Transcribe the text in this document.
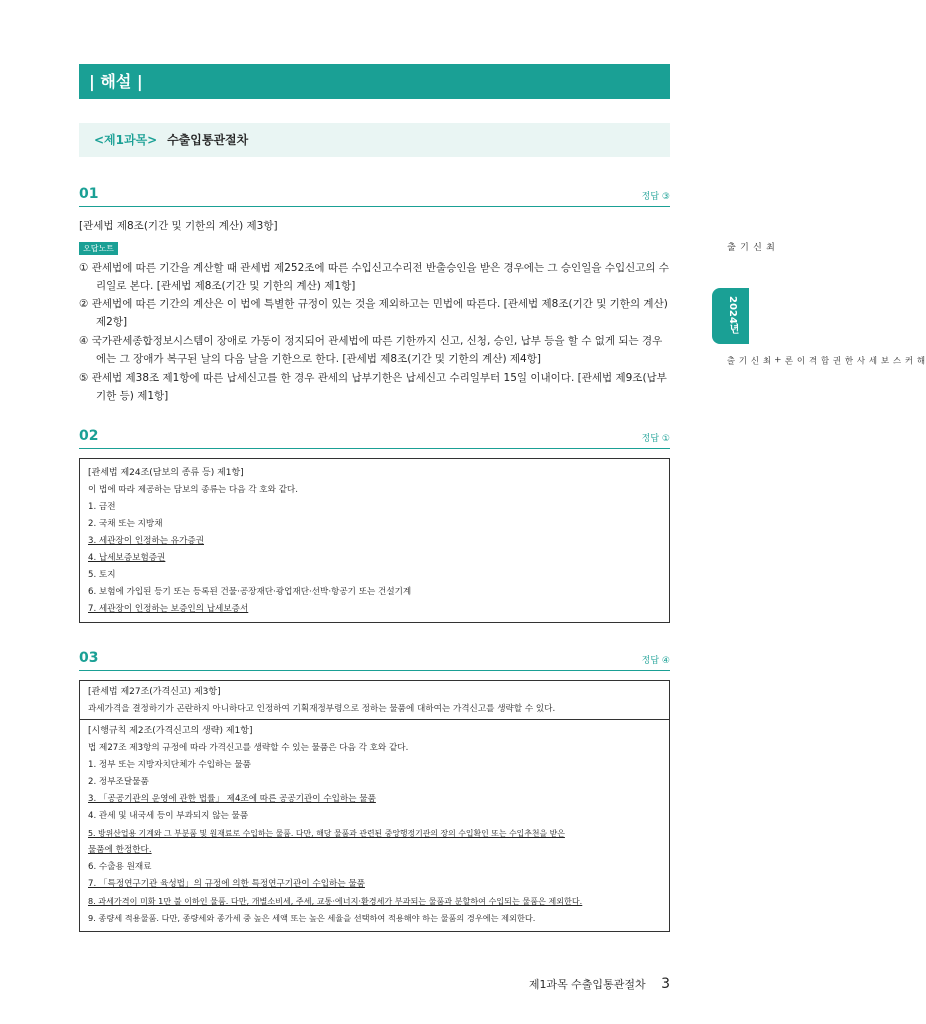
| 해설 |
<제1과목> 수출입통관절차
01	정답 ③
[관세법 제8조(기간 및 기한의 계산) 제3항]
오답노트
① 관세법에 따른 기간을 계산할 때 관세법 제252조에 따른 수입신고수리전 반출승인을 받은 경우에는 그 승인일을 수입신고의 수리일로 본다. [관세법 제8조(기간 및 기한의 계산) 제1항]
② 관세법에 따른 기간의 계산은 이 법에 특별한 규정이 있는 것을 제외하고는 민법에 따른다. [관세법 제8조(기간 및 기한의 계산) 제2항]
④ 국가관세종합정보시스템이 장애로 가동이 정지되어 관세법에 따른 기한까지 신고, 신청, 승인, 납부 등을 할 수 없게 되는 경우에는 그 장애가 복구된 날의 다음 날을 기한으로 한다. [관세법 제8조(기간 및 기한의 계산) 제4항]
⑤ 관세법 제38조 제1항에 따른 납세신고를 한 경우 관세의 납부기한은 납세신고 수리일부터 15일 이내이다. [관세법 제9조(납부기한 등) 제1항]
02	정답 ①
[관세법 제24조(담보의 종류 등) 제1항]
이 법에 따라 제공하는 담보의 종류는 다음 각 호와 같다.
1. 금전
2. 국채 또는 지방채
3. 세관장이 인정하는 유가증권
4. 납세보증보험증권
5. 토지
6. 보험에 가입된 등기 또는 등록된 건물·공장재단·광업재단·선박·항공기 또는 건설기계
7. 세관장이 인정하는 보증인의 납세보증서
03	정답 ④
[관세법 제27조(가격신고) 제3항]
과세가격을 결정하기가 곤란하지 아니하다고 인정하여 기획재정부령으로 정하는 물품에 대하여는 가격신고를 생략할 수 있다.
[시행규칙 제2조(가격신고의 생략) 제1항]
법 제27조 제3항의 규정에 따라 가격신고를 생략할 수 있는 물품은 다음 각 호와 같다.
1. 정부 또는 지방자치단체가 수입하는 물품
2. 정부조달물품
3. 「공공기관의 운영에 관한 법률」 제4조에 따른 공공기관이 수입하는 물품
4. 관세 및 내국세 등이 부과되지 않는 물품
5. 방위산업용 기계와 그 부분품 및 원재료로 수입하는 물품. 다만, 해당 물품과 관련된 중앙행정기관의 장의 수입확인 또는 수입추천을 받은
물품에 한정한다.
6. 수출용 원재료
7. 「특정연구기관 육성법」의 규정에 의한 특정연구기관이 수입하는 물품
8. 과세가격이 미화 1만 불 이하인 물품. 다만, 개별소비세, 주세, 교통·에너지·환경세가 부과되는 물품과 분할하여 수입되는 물품은 제외한다.
9. 종량세 적용물품. 다만, 종량세와 종가세 중 높은 세액 또는 높은 세율을 선택하여 적용해야 하는 물품의 경우에는 제외한다.
최신기출
2024년
해커스 보세사 한권합격 이론 + 최신기출
제1과목 수출입통관절차 3
